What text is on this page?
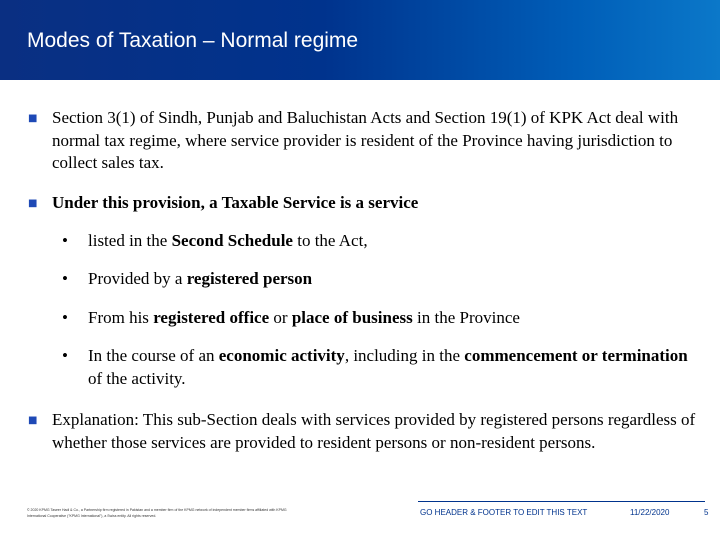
Modes of Taxation – Normal regime
■ Section 3(1) of Sindh, Punjab and Baluchistan Acts and Section 19(1) of KPK Act deal with normal tax regime, where service provider is resident of the Province having jurisdiction to collect sales tax.
■ Under this provision, a Taxable Service is a service
• listed in the Second Schedule to the Act,
• Provided by a registered person
• From his registered office or place of business in the Province
• In the course of an economic activity, including in the commencement or termination of the activity.
■ Explanation: This sub-Section deals with services provided by registered persons regardless of whether those services are provided to resident persons or non-resident persons.
© 2020 KPMG Taseer Hadi & Co., a Partnership firm registered in Pakistan and a member firm of the KPMG network of independent member firms affiliated with KPMG International Cooperative ("KPMG International"), a Swiss entity. All rights reserved.	GO HEADER & FOOTER TO EDIT THIS TEXT	11/22/2020	5
